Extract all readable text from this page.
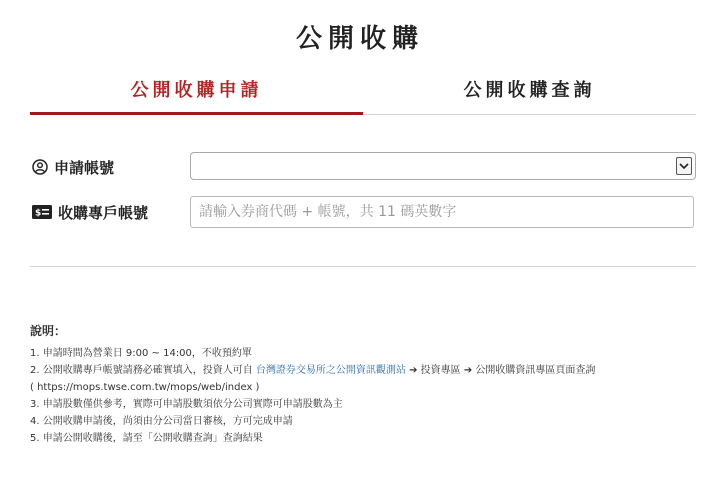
公開收購
公開收購申請	公開收購查詢
申請帳號
$ 收購專戶帳號
請輸入券商代碼 + 帳號，共 11 碼英數字
說明：
1. 申請時間為營業日 9:00 ~ 14:00，不收預約單
2. 公開收購專戶帳號請務必確實填入，投資人可自 台灣證券交易所之公開資訊觀測站 ➔ 投資專區 ➔ 公開收購資訊專區頁面查詢
( https://mops.twse.com.tw/mops/web/index )
3. 申請股數僅供參考，實際可申請股數須依分公司實際可申請股數為主
4. 公開收購申請後，尚須由分公司當日審核，方可完成申請
5. 申請公開收購後，請至「公開收購查詢」查詢結果
